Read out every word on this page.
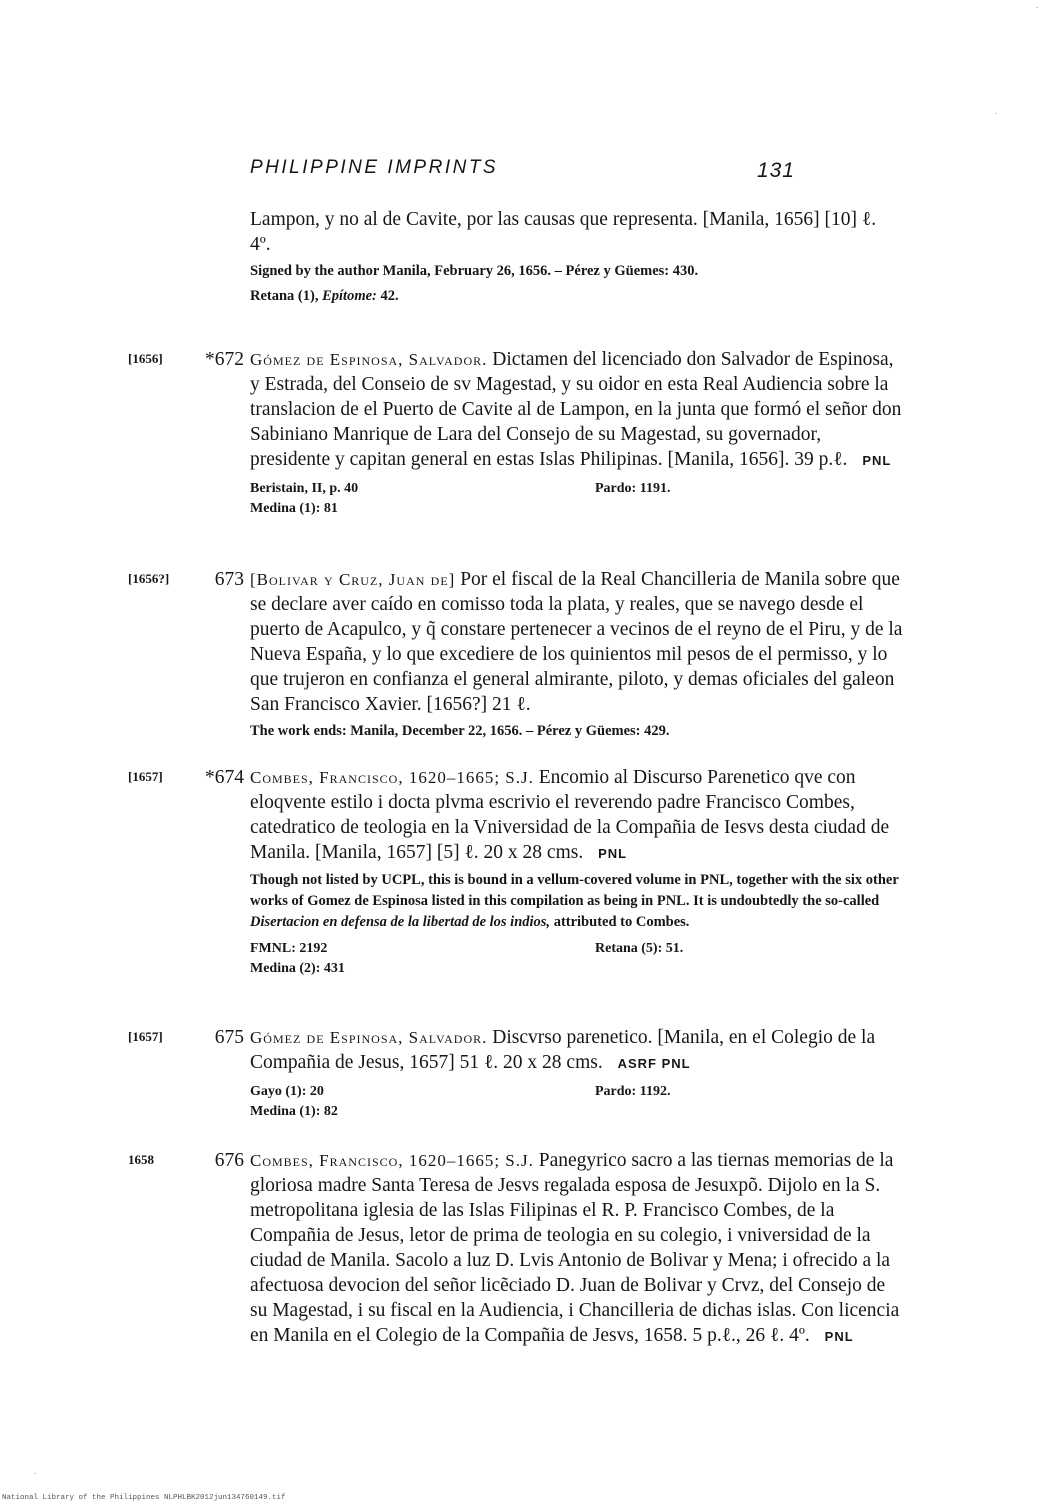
·
·
·
PHILIPPINE IMPRINTS	131
Lampon, y no al de Cavite, por las causas que representa. [Manila, 1656] [10] ℓ. 4º.
Signed by the author Manila, February 26, 1656. – Pérez y Güemes: 430.
Retana (1), Epítome: 42.
[1656]	*672 Gómez de Espinosa, Salvador. Dictamen del licenciado don Salvador de Espinosa, y Estrada, del Conseio de sv Magestad, y su oidor en esta Real Audiencia sobre la translacion de el Puerto de Cavite al de Lampon, en la junta que formó el señor don Sabiniano Manrique de Lara del Consejo de su Magestad, su governador, presidente y capitan general en estas Islas Philipinas. [Manila, 1656]. 39 p.ℓ. PNL
Beristain, II, p. 40	Pardo: 1191.
Medina (1): 81
[1656?]	673 [Bolivar y Cruz, Juan de] Por el fiscal de la Real Chancilleria de Manila sobre que se declare aver caído en comisso toda la plata, y reales, que se navego desde el puerto de Acapulco, y q̃ constare pertenecer a vecinos de el reyno de el Piru, y de la Nueva España, y lo que excediere de los quinientos mil pesos de el permisso, y lo que trujeron en confianza el general almirante, piloto, y demas oficiales del galeon San Francisco Xavier. [1656?] 21 ℓ.
The work ends: Manila, December 22, 1656. – Pérez y Güemes: 429.
[1657]	*674 Combes, Francisco, 1620–1665; S.J. Encomio al Discurso Parenetico qve con eloqvente estilo i docta plvma escrivio el reverendo padre Francisco Combes, catedratico de teologia en la Vniversidad de la Compañia de Iesvs desta ciudad de Manila. [Manila, 1657] [5] ℓ. 20 x 28 cms. PNL
Though not listed by UCPL, this is bound in a vellum-covered volume in PNL, together with the six other works of Gomez de Espinosa listed in this compilation as being in PNL. It is undoubtedly the so-called Disertacion en defensa de la libertad de los indios, attributed to Combes.
FMNL: 2192	Retana (5): 51.
Medina (2): 431
[1657]	675 Gómez de Espinosa, Salvador. Discvrso parenetico. [Manila, en el Colegio de la Compañia de Jesus, 1657] 51 ℓ. 20 x 28 cms. ASRF PNL
Gayo (1): 20	Pardo: 1192.
Medina (1): 82
1658	676 Combes, Francisco, 1620–1665; S.J. Panegyrico sacro a las tiernas memorias de la gloriosa madre Santa Teresa de Jesvs regalada esposa de Jesuxpõ. Dijolo en la S. metropolitana iglesia de las Islas Filipinas el R. P. Francisco Combes, de la Compañia de Jesus, letor de prima de teologia en su colegio, i vniversidad de la ciudad de Manila. Sacolo a luz D. Lvis Antonio de Bolivar y Mena; i ofrecido a la afectuosa devocion del señor licẽciado D. Juan de Bolivar y Crvz, del Consejo de su Magestad, i su fiscal en la Audiencia, i Chancilleria de dichas islas. Con licencia en Manila en el Colegio de la Compañia de Jesvs, 1658. 5 p.ℓ., 26 ℓ. 4º. PNL
National Library of the Philippines NLPHLBK2012jun134760149.tif
